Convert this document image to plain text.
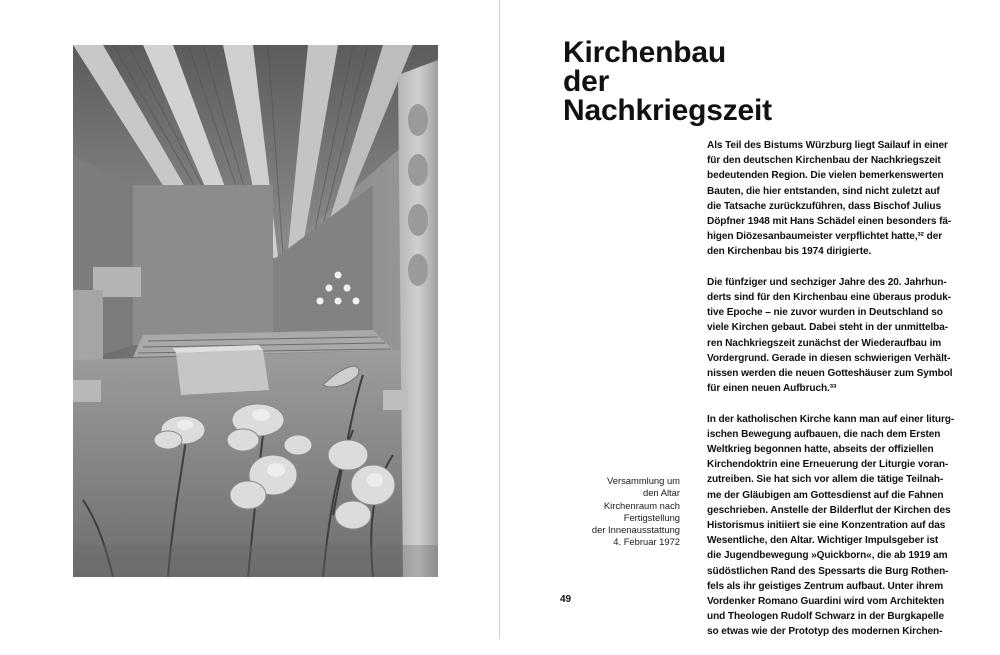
Versammlung um
den Altar
Kirchenraum nach
Fertigstellung
der Innenausstattung
4. Februar 1972
Kirchenbau
der
Nachkriegszeit

Als Teil des Bistums Würzburg liegt Sailauf in einer
für den deutschen Kirchenbau der Nachkriegszeit
bedeutenden Region. Die vielen bemerkenswerten
Bauten, die hier entstanden, sind nicht zuletzt auf
die Tatsache zurückzuführen, dass Bischof Julius
Döpfner 1948 mit Hans Schädel einen besonders fä-
higen Diözesanbaumeister verpflichtet hatte,³² der
den Kirchenbau bis 1974 dirigierte.

Die fünfziger und sechziger Jahre des 20. Jahrhun-
derts sind für den Kirchenbau eine überaus produk-
tive Epoche – nie zuvor wurden in Deutschland so
viele Kirchen gebaut. Dabei steht in der unmittelba-
ren Nachkriegszeit zunächst der Wiederaufbau im
Vordergrund. Gerade in diesen schwierigen Verhält-
nissen werden die neuen Gotteshäuser zum Symbol
für einen neuen Aufbruch.³³

In der katholischen Kirche kann man auf einer liturg-
ischen Bewegung aufbauen, die nach dem Ersten
Weltkrieg begonnen hatte, abseits der offiziellen
Kirchendoktrin eine Erneuerung der Liturgie voran-
zutreiben. Sie hat sich vor allem die tätige Teilnah-
me der Gläubigen am Gottesdienst auf die Fahnen
geschrieben. Anstelle der Bilderflut der Kirchen des
Historismus initiiert sie eine Konzentration auf das
Wesentliche, den Altar. Wichtiger Impulsgeber ist
die Jugendbewegung »Quickborn«, die ab 1919 am
südöstlichen Rand des Spessarts die Burg Rothen-
fels als ihr geistiges Zentrum aufbaut. Unter ihrem
Vordenker Romano Guardini wird vom Architekten
und Theologen Rudolf Schwarz in der Burgkapelle
so etwas wie der Prototyp des modernen Kirchen-

49
